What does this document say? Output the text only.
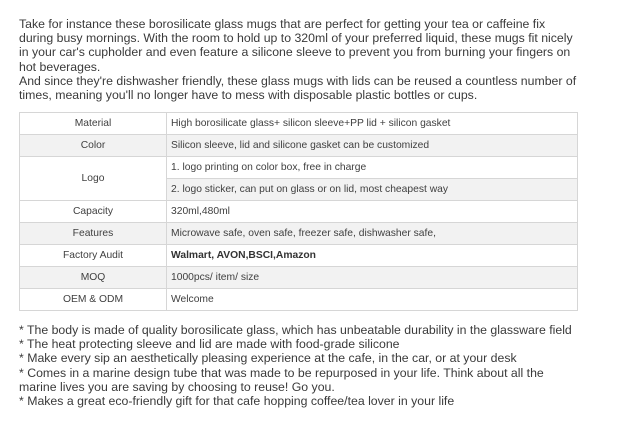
Take for instance these borosilicate glass mugs that are perfect for getting your tea or caffeine fix during busy mornings. With the room to hold up to 320ml of your preferred liquid, these mugs fit nicely in your car's cupholder and even feature a silicone sleeve to prevent you from burning your fingers on hot beverages.

And since they're dishwasher friendly, these glass mugs with lids can be reused a countless number of times, meaning you'll no longer have to mess with disposable plastic bottles or cups.

Material	High borosilicate glass+ silicon sleeve+PP lid + silicon gasket
Color	Silicon sleeve, lid and silicone gasket can be customized
Logo	1. logo printing on color box, free in charge
	2. logo sticker, can put on glass or on lid, most cheapest way
Capacity	320ml,480ml
Features	Microwave safe, oven safe, freezer safe, dishwasher safe,
Factory Audit	Walmart, AVON,BSCI,Amazon
MOQ	1000pcs/ item/ size
OEM & ODM	Welcome

* The body is made of quality borosilicate glass, which has unbeatable durability in the glassware field

* The heat protecting sleeve and lid are made with food-grade silicone

* Make every sip an aesthetically pleasing experience at the cafe, in the car, or at your desk

* Comes in a marine design tube that was made to be repurposed in your life. Think about all the marine lives you are saving by choosing to reuse! Go you.

* Makes a great eco-friendly gift for that cafe hopping coffee/tea lover in your life
